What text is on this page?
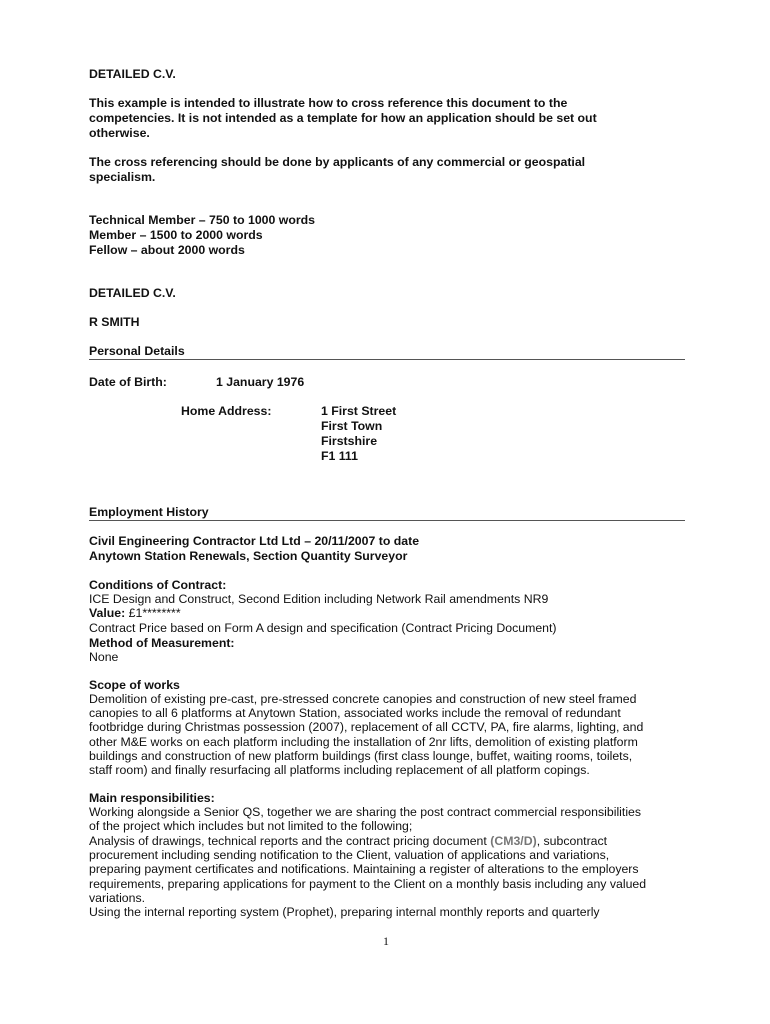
DETAILED C.V.
This example is intended to illustrate how to cross reference this document to the
competencies. It is not intended as a template for how an application should be set out
otherwise.
The cross referencing should be done by applicants of any commercial or geospatial
specialism.
Technical Member – 750 to 1000 words
Member – 1500 to 2000 words
Fellow – about 2000 words
DETAILED C.V.
R SMITH
Personal Details
Date of Birth:	1 January 1976
Home Address:	1 First Street
First Town
Firstshire
F1 111
Employment History
Civil Engineering Contractor Ltd Ltd – 20/11/2007 to date
Anytown Station Renewals, Section Quantity Surveyor
Conditions of Contract:
ICE Design and Construct, Second Edition including Network Rail amendments NR9
Value: £1********
Contract Price based on Form A design and specification (Contract Pricing Document)
Method of Measurement:
None
Scope of works
Demolition of existing pre-cast, pre-stressed concrete canopies and construction of new steel framed
canopies to all 6 platforms at Anytown Station, associated works include the removal of redundant
footbridge during Christmas possession (2007), replacement of all CCTV, PA, fire alarms, lighting, and
other M&E works on each platform including the installation of 2nr lifts, demolition of existing platform
buildings and construction of new platform buildings (first class lounge, buffet, waiting rooms, toilets,
staff room) and finally resurfacing all platforms including replacement of all platform copings.
Main responsibilities:
Working alongside a Senior QS, together we are sharing the post contract commercial responsibilities
of the project which includes but not limited to the following;
Analysis of drawings, technical reports and the contract pricing document (CM3/D), subcontract
procurement including sending notification to the Client, valuation of applications and variations,
preparing payment certificates and notifications. Maintaining a register of alterations to the employers
requirements, preparing applications for payment to the Client on a monthly basis including any valued
variations.
Using the internal reporting system (Prophet), preparing internal monthly reports and quarterly
1
